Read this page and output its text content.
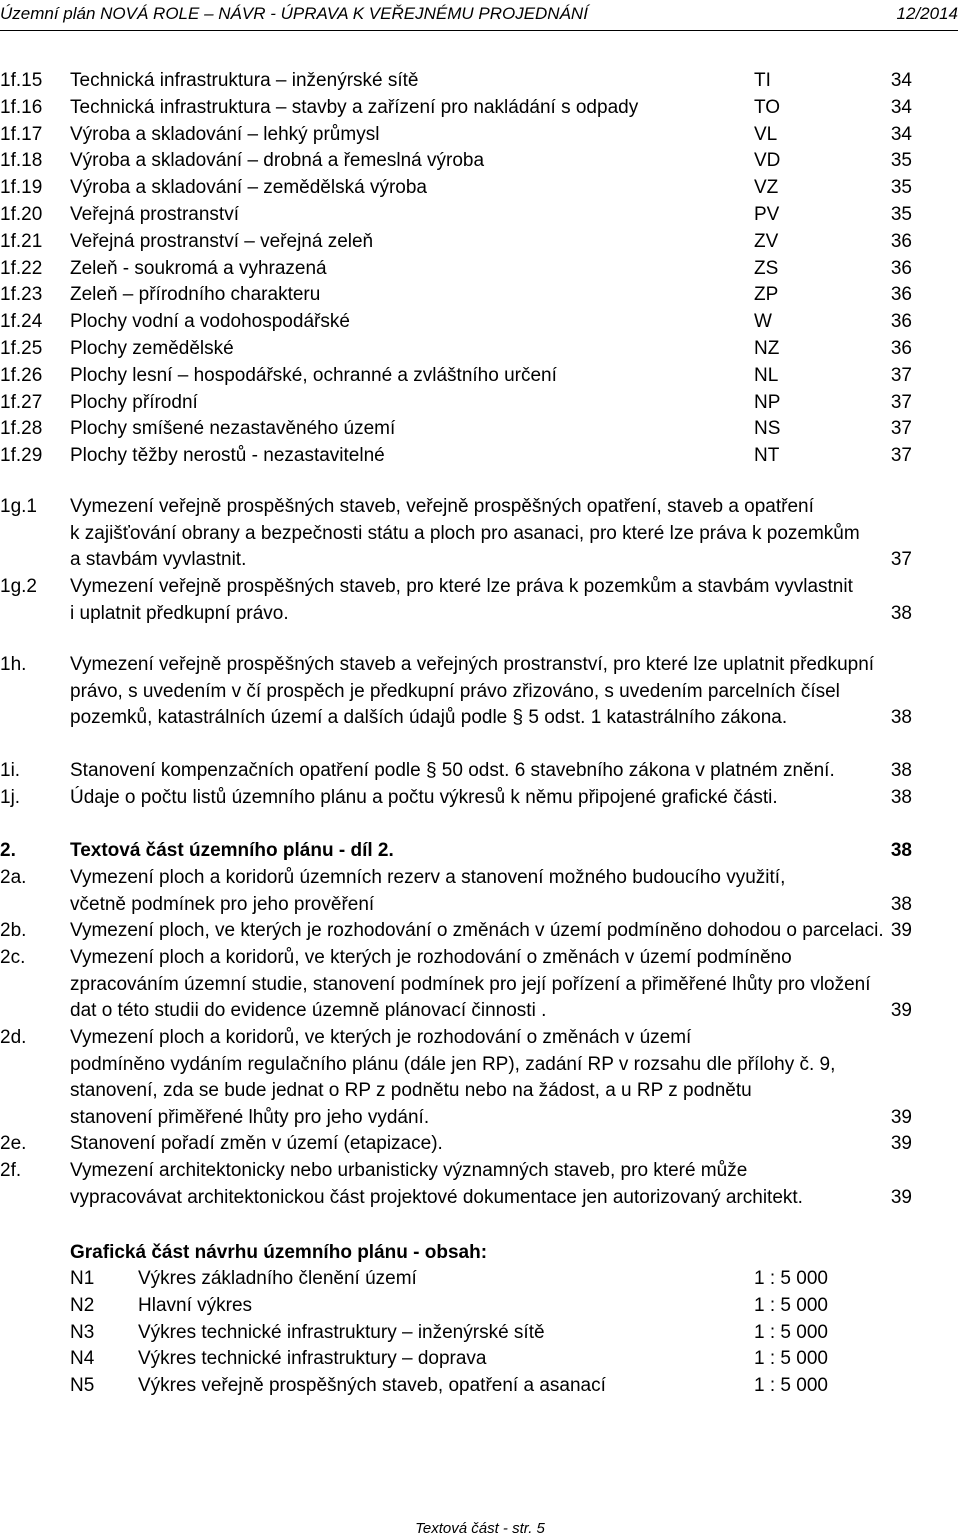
Územní plán NOVÁ ROLE – NÁVR - ÚPRAVA K VEŘEJNÉMU PROJEDNÁNÍ	12/2014
1f.15 Technická infrastruktura – inženýrské sítě	TI	34
1f.16 Technická infrastruktura – stavby a zařízení pro nakládání s odpady	TO	34
1f.17 Výroba a skladování – lehký průmysl	VL	34
1f.18 Výroba a skladování – drobná a řemeslná výroba	VD	35
1f.19 Výroba a skladování – zemědělská výroba	VZ	35
1f.20 Veřejná prostranství	PV	35
1f.21 Veřejná prostranství – veřejná zeleň	ZV	36
1f.22 Zeleň - soukromá a vyhrazená	ZS	36
1f.23 Zeleň – přírodního charakteru	ZP	36
1f.24 Plochy vodní a vodohospodářské	W	36
1f.25 Plochy zemědělské	NZ	36
1f.26 Plochy lesní – hospodářské, ochranné a zvláštního určení	NL	37
1f.27 Plochy přírodní	NP	37
1f.28 Plochy smíšené nezastavěného území	NS	37
1f.29 Plochy těžby nerostů - nezastavitelné	NT	37
1g.1 Vymezení veřejně prospěšných staveb, veřejně prospěšných opatření, staveb a opatření
k zajišťování obrany a bezpečnosti státu a ploch pro asanaci, pro které lze práva k pozemkům
a stavbám vyvlastnit.	37
1g.2 Vymezení veřejně prospěšných staveb, pro které lze práva k pozemkům a stavbám vyvlastnit
i uplatnit předkupní právo.	38
1h. Vymezení veřejně prospěšných staveb a veřejných prostranství, pro které lze uplatnit předkupní
právo, s uvedením v čí prospěch je předkupní právo zřizováno, s uvedením parcelních čísel
pozemků, katastrálních území a dalších údajů podle § 5 odst. 1 katastrálního zákona.	38
1i.	Stanovení kompenzačních opatření podle § 50 odst. 6 stavebního zákona v platném znění.	38
1j.	Údaje o počtu listů územního plánu a počtu výkresů k němu připojené grafické části.	38
2.	Textová část územního plánu - díl 2.	38
2a. Vymezení ploch a koridorů územních rezerv a stanovení možného budoucího využití,
včetně podmínek pro jeho prověření	38
2b. Vymezení ploch, ve kterých je rozhodování o změnách v území podmíněno dohodou o parcelaci. 39
2c. Vymezení ploch a koridorů, ve kterých je rozhodování o změnách v území podmíněno
zpracováním územní studie, stanovení podmínek pro její pořízení a přiměřené lhůty pro vložení
dat o této studii do evidence územně plánovací činnosti .	39
2d. Vymezení ploch a koridorů, ve kterých je rozhodování o změnách v území
podmíněno vydáním regulačního plánu (dále jen RP), zadání RP v rozsahu dle přílohy č. 9,
stanovení, zda se bude jednat o RP z podnětu nebo na žádost, a u RP z podnětu
stanovení přiměřené lhůty pro jeho vydání.	39
2e. Stanovení pořadí změn v území (etapizace).	39
2f.	Vymezení architektonicky nebo urbanisticky významných staveb, pro které může
vypracovávat architektonickou část projektové dokumentace jen autorizovaný architekt.	39
Grafická část návrhu územního plánu - obsah:
N1 Výkres základního členění území	1 : 5 000
N2 Hlavní výkres	1 : 5 000
N3 Výkres technické infrastruktury – inženýrské sítě	1 : 5 000
N4 Výkres technické infrastruktury – doprava	1 : 5 000
N5 Výkres veřejně prospěšných staveb, opatření a asanací	1 : 5 000
Textová část - str. 5
